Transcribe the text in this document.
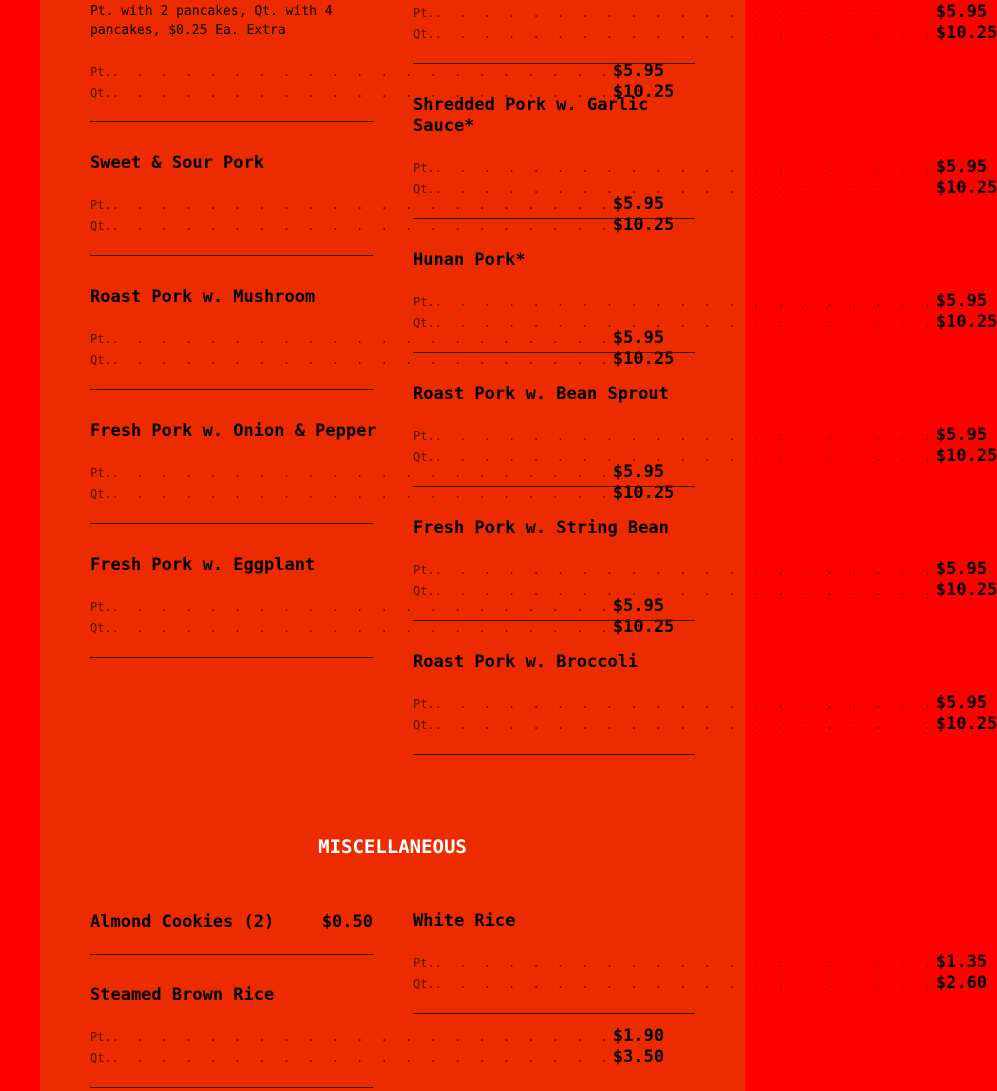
Pt. with 2 pancakes, Qt. with 4 pancakes, $0.25 Ea. Extra

Pt. . . . . . . . . . . . . . . . . . . . . . $5.95
Qt. . . . . . . . . . . . . . . . . . . . . . $10.25

Sweet & Sour Pork

Pt. . . . . . . . . . . . . . . . . . . . . . $5.95
Qt. . . . . . . . . . . . . . . . . . . . . . $10.25

Roast Pork w. Mushroom

Pt. . . . . . . . . . . . . . . . . . . . . . $5.95
Qt. . . . . . . . . . . . . . . . . . . . . . $10.25

Fresh Pork w. Onion & Pepper

Pt. . . . . . . . . . . . . . . . . . . . . . $5.95
Qt. . . . . . . . . . . . . . . . . . . . . . $10.25

Fresh Pork w. Eggplant

Pt. . . . . . . . . . . . . . . . . . . . . . $5.95
Qt. . . . . . . . . . . . . . . . . . . . . . $10.25
Pt. . . . . . . . . . . . . . . . . . . . . . $5.95
Qt. . . . . . . . . . . . . . . . . . . . . . $10.25

Shredded Pork w. Garlic Sauce*

Pt. . . . . . . . . . . . . . . . . . . . . . $5.95
Qt. . . . . . . . . . . . . . . . . . . . . . $10.25

Hunan Pork*

Pt. . . . . . . . . . . . . . . . . . . . . . $5.95
Qt. . . . . . . . . . . . . . . . . . . . . . $10.25

Roast Pork w. Bean Sprout

Pt. . . . . . . . . . . . . . . . . . . . . . $5.95
Qt. . . . . . . . . . . . . . . . . . . . . . $10.25

Fresh Pork w. String Bean

Pt. . . . . . . . . . . . . . . . . . . . . . $5.95
Qt. . . . . . . . . . . . . . . . . . . . . . $10.25

Roast Pork w. Broccoli

Pt. . . . . . . . . . . . . . . . . . . . . . $5.95
Qt. . . . . . . . . . . . . . . . . . . . . . $10.25
MISCELLANEOUS
Almond Cookies (2)	$0.50

Steamed Brown Rice

Pt. . . . . . . . . . . . . . . . . . . . . . $1.90
Qt. . . . . . . . . . . . . . . . . . . . . . $3.50

White Rice

Pt. . . . . . . . . . . . . . . . . . . . . . $1.35
Qt. . . . . . . . . . . . . . . . . . . . . . $2.60
